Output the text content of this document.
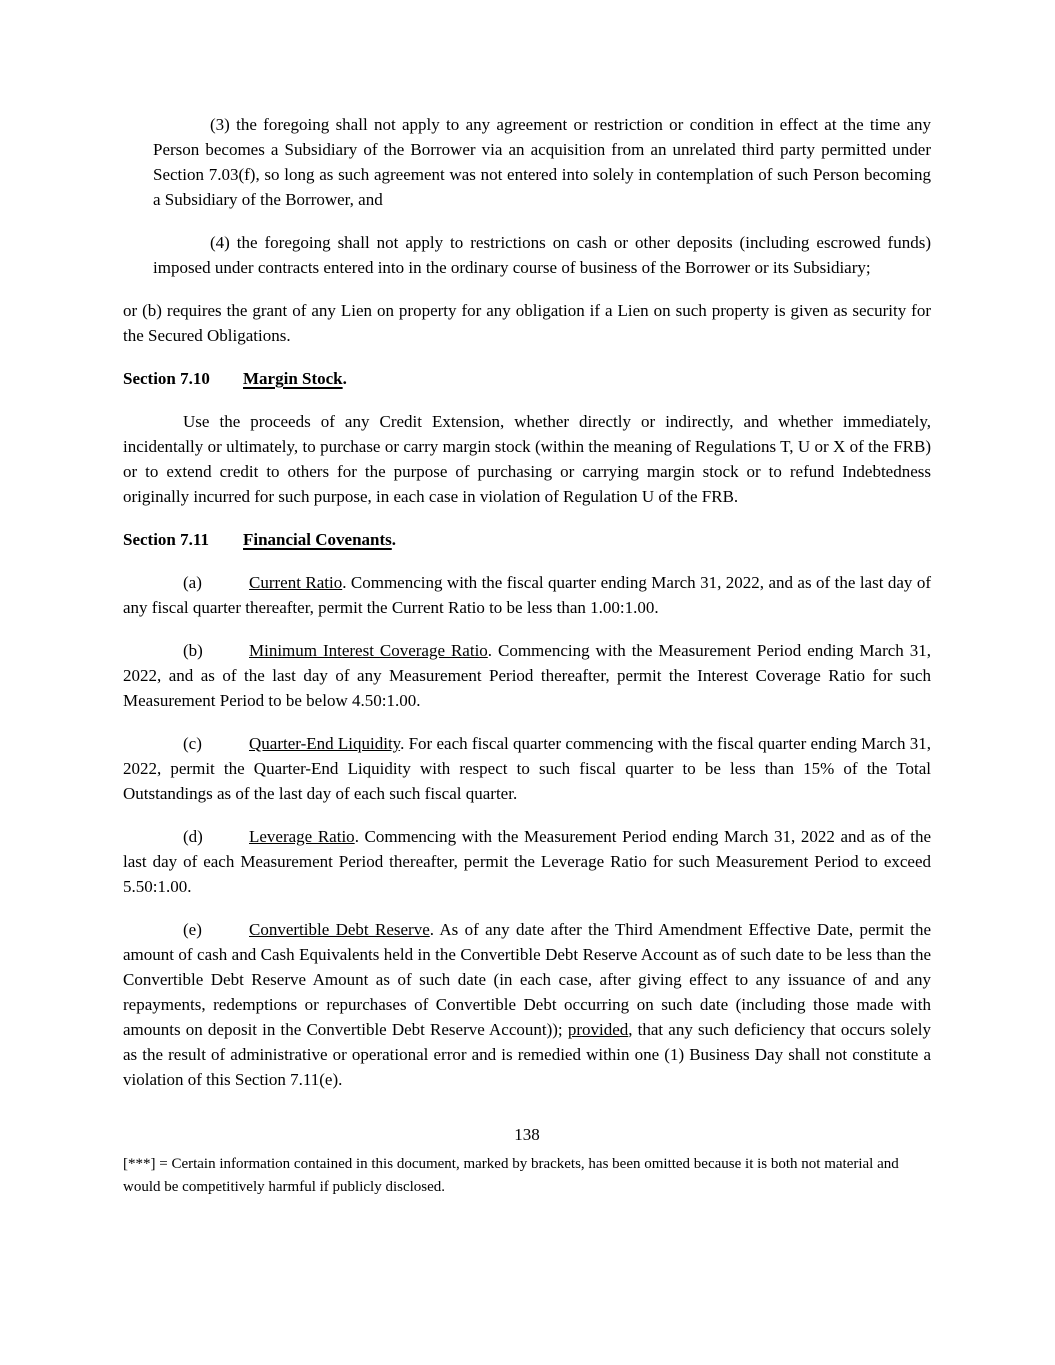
(3) the foregoing shall not apply to any agreement or restriction or condition in effect at the time any Person becomes a Subsidiary of the Borrower via an acquisition from an unrelated third party permitted under Section 7.03(f), so long as such agreement was not entered into solely in contemplation of such Person becoming a Subsidiary of the Borrower, and

(4) the foregoing shall not apply to restrictions on cash or other deposits (including escrowed funds) imposed under contracts entered into in the ordinary course of business of the Borrower or its Subsidiary;

or (b) requires the grant of any Lien on property for any obligation if a Lien on such property is given as security for the Secured Obligations.

Section 7.10 Margin Stock.

Use the proceeds of any Credit Extension, whether directly or indirectly, and whether immediately, incidentally or ultimately, to purchase or carry margin stock (within the meaning of Regulations T, U or X of the FRB) or to extend credit to others for the purpose of purchasing or carrying margin stock or to refund Indebtedness originally incurred for such purpose, in each case in violation of Regulation U of the FRB.

Section 7.11 Financial Covenants.

(a)	Current Ratio. Commencing with the fiscal quarter ending March 31, 2022, and as of the last day of any fiscal quarter thereafter, permit the Current Ratio to be less than 1.00:1.00.

(b)	Minimum Interest Coverage Ratio. Commencing with the Measurement Period ending March 31, 2022, and as of the last day of any Measurement Period thereafter, permit the Interest Coverage Ratio for such Measurement Period to be below 4.50:1.00.

(c)	Quarter-End Liquidity. For each fiscal quarter commencing with the fiscal quarter ending March 31, 2022, permit the Quarter-End Liquidity with respect to such fiscal quarter to be less than 15% of the Total Outstandings as of the last day of each such fiscal quarter.

(d)	Leverage Ratio. Commencing with the Measurement Period ending March 31, 2022 and as of the last day of each Measurement Period thereafter, permit the Leverage Ratio for such Measurement Period to exceed 5.50:1.00.

(e)	Convertible Debt Reserve. As of any date after the Third Amendment Effective Date, permit the amount of cash and Cash Equivalents held in the Convertible Debt Reserve Account as of such date to be less than the Convertible Debt Reserve Amount as of such date (in each case, after giving effect to any issuance of and any repayments, redemptions or repurchases of Convertible Debt occurring on such date (including those made with amounts on deposit in the Convertible Debt Reserve Account)); provided, that any such deficiency that occurs solely as the result of administrative or operational error and is remedied within one (1) Business Day shall not constitute a violation of this Section 7.11(e).

138

[***] = Certain information contained in this document, marked by brackets, has been omitted because it is both not material and would be competitively harmful if publicly disclosed.
